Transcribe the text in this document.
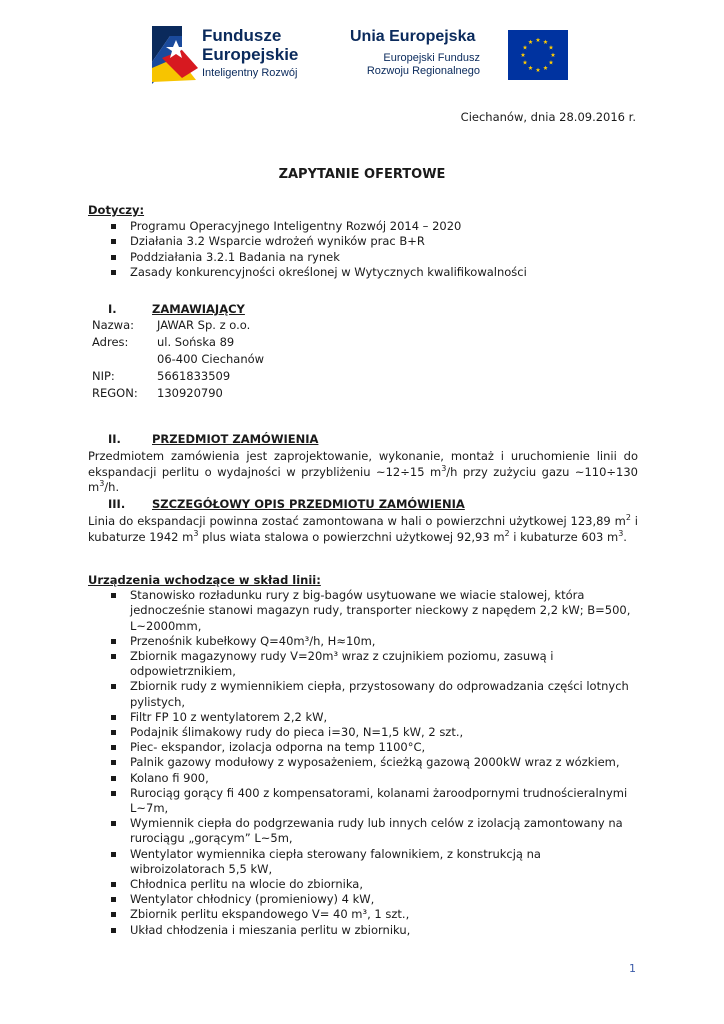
Fundusze
Europejskie
Inteligentny Rozwój
Unia Europejska
Europejski Fundusz
Rozwoju Regionalnego
Ciechanów, dnia 28.09.2016 r.
ZAPYTANIE OFERTOWE
Dotyczy:
Programu Operacyjnego Inteligentny Rozwój 2014 – 2020
Działania 3.2 Wsparcie wdrożeń wyników prac B+R
Poddziałania 3.2.1 Badania na rynek
Zasady konkurencyjności określonej w Wytycznych kwalifikowalności
I.	ZAMAWIAJĄCY
Nazwa:	JAWAR Sp. z o.o.
Adres:	ul. Sońska 89
	06-400 Ciechanów
NIP:	5661833509
REGON:	130920790
II.	PRZEDMIOT ZAMÓWIENIA
Przedmiotem zamówienia jest zaprojektowanie, wykonanie, montaż i uruchomienie linii do ekspandacji perlitu o wydajności w przybliżeniu ~12÷15 $m^3/h$ przy zużyciu gazu ~110÷130 $m^3/h$.
III. SZCZEGÓŁOWY OPIS PRZEDMIOTU ZAMÓWIENIA
Linia do ekspandacji powinna zostać zamontowana w hali o powierzchni użytkowej 123,89 $m^2$ i kubaturze 1942 $m^3$ plus wiata stalowa o powierzchni użytkowej 92,93 $m^2$ i kubaturze 603 $m^3$.
Urządzenia wchodzące w skład linii:
Stanowisko rozładunku rury z big-bagów usytuowane we wiacie stalowej, która jednocześnie stanowi magazyn rudy, transporter nieckowy z napędem 2,2 kW; B=500, L~2000mm,
Przenośnik kubełkowy Q=40m³/h, H≈10m,
Zbiornik magazynowy rudy V=20m³ wraz z czujnikiem poziomu, zasuwą i odpowietrznikiem,
Zbiornik rudy z wymiennikiem ciepła, przystosowany do odprowadzania części lotnych pylistych,
Filtr FP 10 z wentylatorem 2,2 kW,
Podajnik ślimakowy rudy do pieca i=30, N=1,5 kW, 2 szt.,
Piec- ekspandor, izolacja odporna na temp 1100°C,
Palnik gazowy modułowy z wyposażeniem, ścieżką gazową 2000kW wraz z wózkiem,
Kolano fi 900,
Rurociąg gorący fi 400 z kompensatorami, kolanami żaroodpornymi trudnościeralnymi L~7m,
Wymiennik ciepła do podgrzewania rudy lub innych celów z izolacją zamontowany na rurociągu „gorącym” L~5m,
Wentylator wymiennika ciepła sterowany falownikiem, z konstrukcją na wibroizolatorach 5,5 kW,
Chłodnica perlitu na wlocie do zbiornika,
Wentylator chłodnicy (promieniowy) 4 kW,
Zbiornik perlitu ekspandowego V= 40 m³, 1 szt.,
Układ chłodzenia i mieszania perlitu w zbiorniku,
1
